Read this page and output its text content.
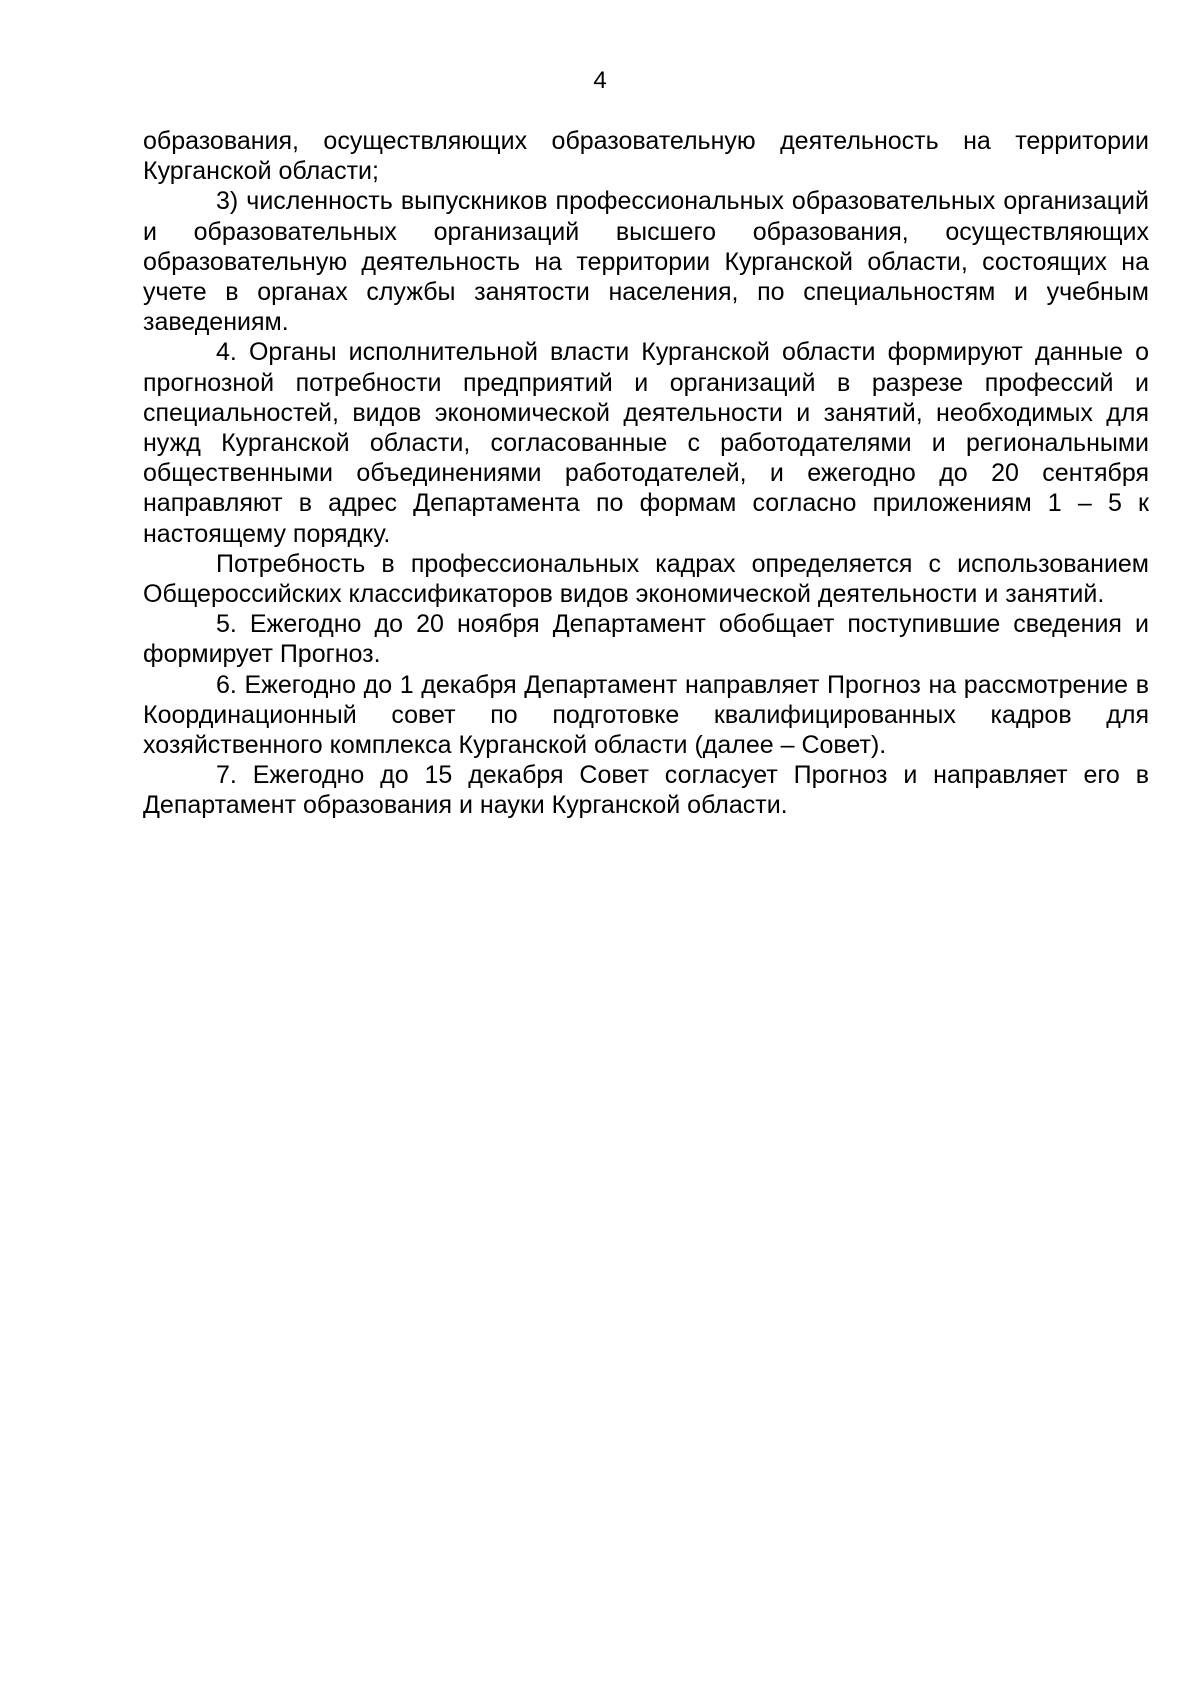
4

образования, осуществляющих образовательную деятельность на территории Курганской области;

3) численность выпускников профессиональных образовательных организаций и образовательных организаций высшего образования, осуществляющих образовательную деятельность на территории Курганской области, состоящих на учете в органах службы занятости населения, по специальностям и учебным заведениям.

4. Органы исполнительной власти Курганской области формируют данные о прогнозной потребности предприятий и организаций в разрезе профессий и специальностей, видов экономической деятельности и занятий, необходимых для нужд Курганской области, согласованные с работодателями и региональными общественными объединениями работодателей, и ежегодно до 20 сентября направляют в адрес Департамента по формам согласно приложениям 1 – 5 к настоящему порядку.

Потребность в профессиональных кадрах определяется с использованием Общероссийских классификаторов видов экономической деятельности и занятий.

5. Ежегодно до 20 ноября Департамент обобщает поступившие сведения и формирует Прогноз.

6. Ежегодно до 1 декабря Департамент направляет Прогноз на рассмотрение в Координационный совет по подготовке квалифицированных кадров для хозяйственного комплекса Курганской области (далее – Совет).

7. Ежегодно до 15 декабря Совет согласует Прогноз и направляет его в Департамент образования и науки Курганской области.
